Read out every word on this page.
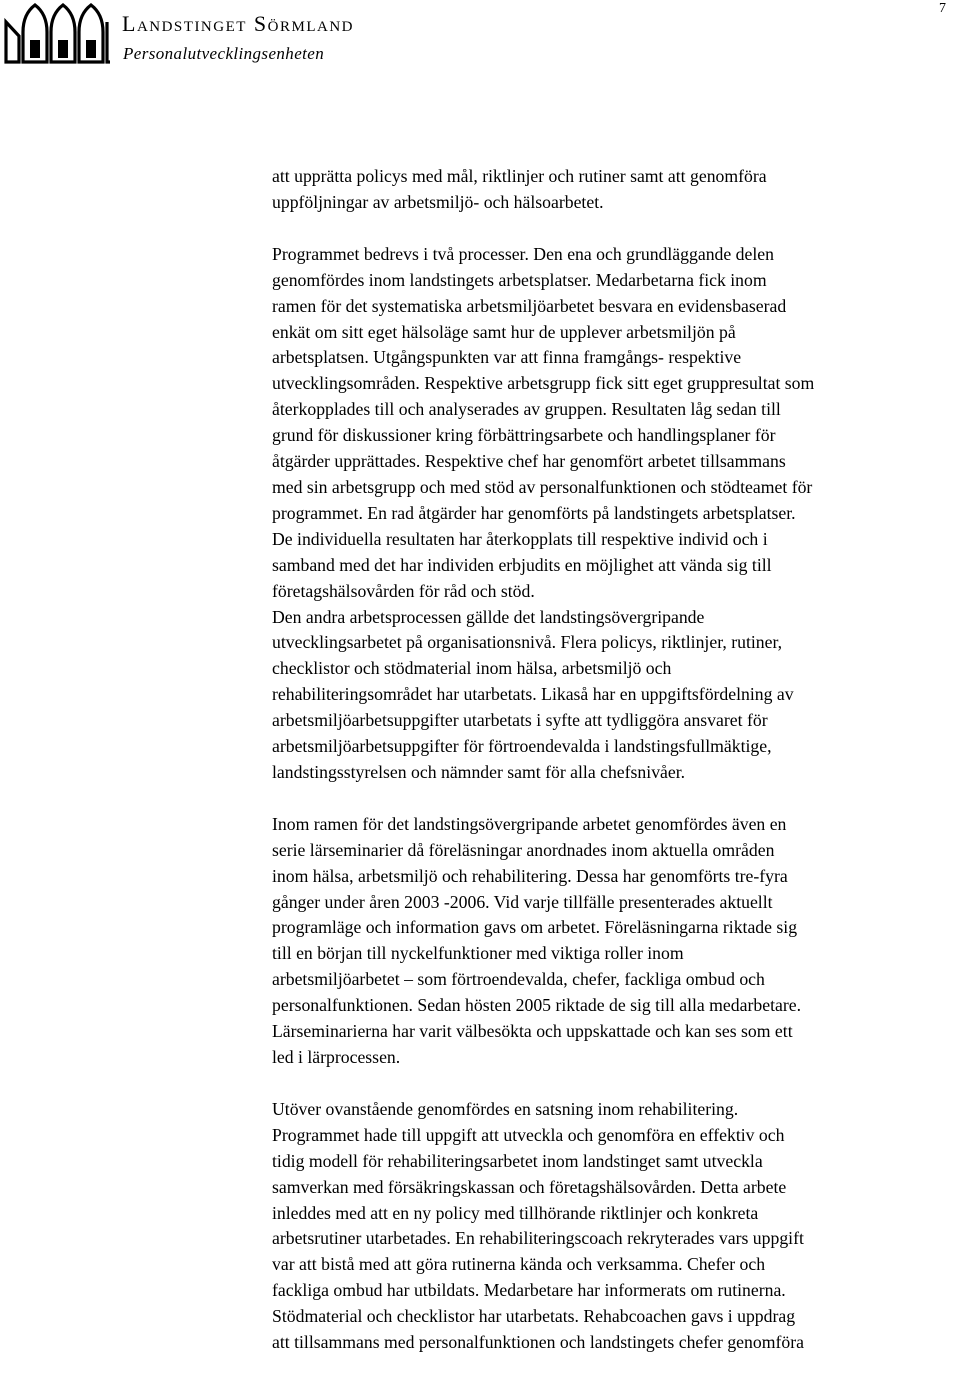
Landstinget Sörmland
Personalutvecklingsenheten
7

att upprätta policys med mål, riktlinjer och rutiner samt att genomföra
uppföljningar av arbetsmiljö- och hälsoarbetet.

Programmet bedrevs i två processer. Den ena och grundläggande delen
genomfördes inom landstingets arbetsplatser. Medarbetarna fick inom
ramen för det systematiska arbetsmiljöarbetet besvara en evidensbaserad
enkät om sitt eget hälsoläge samt hur de upplever arbetsmiljön på
arbetsplatsen. Utgångspunkten var att finna framgångs- respektive
utvecklingsområden. Respektive arbetsgrupp fick sitt eget gruppresultat som
återkopplades till och analyserades av gruppen. Resultaten låg sedan till
grund för diskussioner kring förbättringsarbete och handlingsplaner för
åtgärder upprättades. Respektive chef har genomfört arbetet tillsammans
med sin arbetsgrupp och med stöd av personalfunktionen och stödteamet för
programmet. En rad åtgärder har genomförts på landstingets arbetsplatser.
De individuella resultaten har återkopplats till respektive individ och i
samband med det har individen erbjudits en möjlighet att vända sig till
företagshälsovården för råd och stöd.
Den andra arbetsprocessen gällde det landstingsövergripande
utvecklingsarbetet på organisationsnivå. Flera policys, riktlinjer, rutiner,
checklistor och stödmaterial inom hälsa, arbetsmiljö och
rehabiliteringsområdet har utarbetats. Likaså har en uppgiftsfördelning av
arbetsmiljöarbetsuppgifter utarbetats i syfte att tydliggöra ansvaret för
arbetsmiljöarbetsuppgifter för förtroendevalda i landstingsfullmäktige,
landstingsstyrelsen och nämnder samt för alla chefsnivåer.

Inom ramen för det landstingsövergripande arbetet genomfördes även en
serie lärseminarier då föreläsningar anordnades inom aktuella områden
inom hälsa, arbetsmiljö och rehabilitering. Dessa har genomförts tre-fyra
gånger under åren 2003 -2006. Vid varje tillfälle presenterades aktuellt
programläge och information gavs om arbetet. Föreläsningarna riktade sig
till en början till nyckelfunktioner med viktiga roller inom
arbetsmiljöarbetet – som förtroendevalda, chefer, fackliga ombud och
personalfunktionen. Sedan hösten 2005 riktade de sig till alla medarbetare.
Lärseminarierna har varit välbesökta och uppskattade och kan ses som ett
led i lärprocessen.

Utöver ovanstående genomfördes en satsning inom rehabilitering.
Programmet hade till uppgift att utveckla och genomföra en effektiv och
tidig modell för rehabiliteringsarbetet inom landstinget samt utveckla
samverkan med försäkringskassan och företagshälsovården. Detta arbete
inleddes med att en ny policy med tillhörande riktlinjer och konkreta
arbetsrutiner utarbetades. En rehabiliteringscoach rekryterades vars uppgift
var att bistå med att göra rutinerna kända och verksamma. Chefer och
fackliga ombud har utbildats. Medarbetare har informerats om rutinerna.
Stödmaterial och checklistor har utarbetats. Rehabcoachen gavs i uppdrag
att tillsammans med personalfunktionen och landstingets chefer genomföra
